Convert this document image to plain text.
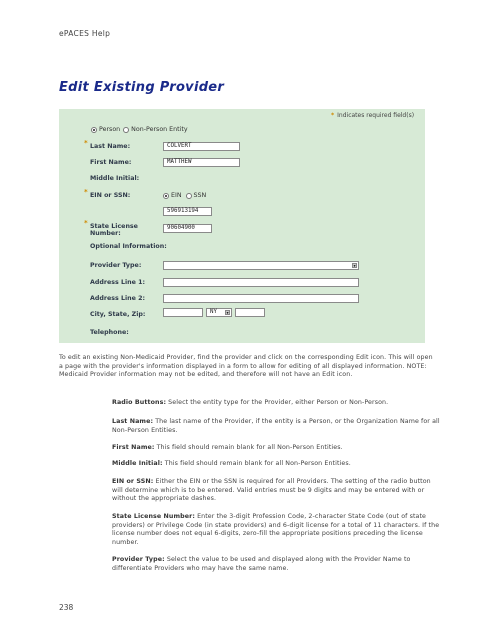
ePACES Help
Edit Existing Provider
* Indicates required field(s)
Person Non-Person Entity
* Last Name:	COLVERT
First Name:	MATTHEW
Middle Initial:
* EIN or SSN:	EIN SSN
596913194
* State License
Number:
90604900
Optional Information:
Provider Type:
▼
Address Line 1:
Address Line 2:
City, State, Zip:	NY
▼
Telephone:
To edit an existing Non-Medicaid Provider, find the provider and click on the corresponding Edit icon. This will open a page with the provider's information displayed in a form to allow for editing of all displayed information. NOTE: Medicaid Provider information may not be edited, and therefore will not have an Edit icon.
Radio Buttons: Select the entity type for the Provider, either Person or Non-Person.
Last Name: The last name of the Provider, if the entity is a Person, or the Organization Name for all Non-Person Entities.
First Name: This field should remain blank for all Non-Person Entities.
Middle Initial: This field should remain blank for all Non-Person Entities.
EIN or SSN: Either the EIN or the SSN is required for all Providers. The setting of the radio button will determine which is to be entered. Valid entries must be 9 digits and may be entered with or without the appropriate dashes.
State License Number: Enter the 3-digit Profession Code, 2-character State Code (out of state providers) or Privilege Code (in state providers) and 6-digit license for a total of 11 characters. If the license number does not equal 6-digits, zero-fill the appropriate positions preceding the license number.
Provider Type: Select the value to be used and displayed along with the Provider Name to differentiate Providers who may have the same name.
238
